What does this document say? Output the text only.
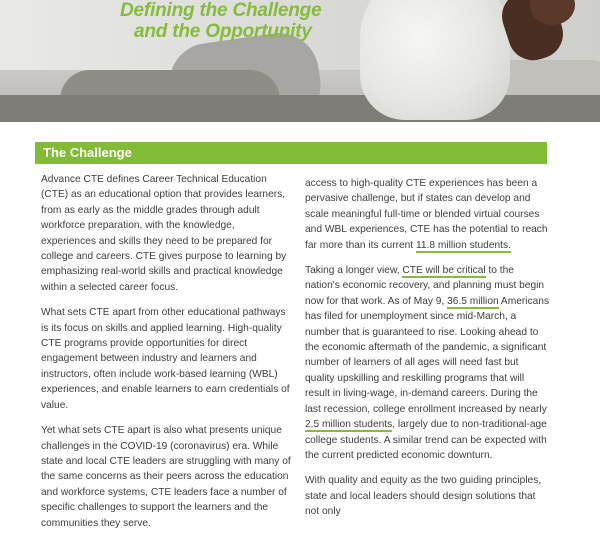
Defining the Challenge
and the Opportunity
The Challenge

Advance CTE defines Career Technical Education (CTE) as an educational option that provides learners, from as early as the middle grades through adult workforce preparation, with the knowledge, experiences and skills they need to be prepared for college and careers. CTE gives purpose to learning by emphasizing real-world skills and practical knowledge within a selected career focus.

What sets CTE apart from other educational pathways is its focus on skills and applied learning. High-quality CTE programs provide opportunities for direct engagement between industry and learners and instructors, often include work-based learning (WBL) experiences, and enable learners to earn credentials of value.

Yet what sets CTE apart is also what presents unique challenges in the COVID-19 (coronavirus) era. While state and local CTE leaders are struggling with many of the same concerns as their peers across the education and workforce systems, CTE leaders face a number of specific challenges to support the learners and the communities they serve.

access to high-quality CTE experiences has been a pervasive challenge, but if states can develop and scale meaningful full-time or blended virtual courses and WBL experiences, CTE has the potential to reach far more than its current 11.8 million students.

Taking a longer view, CTE will be critical to the nation's economic recovery, and planning must begin now for that work. As of May 9, 36.5 million Americans has filed for unemployment since mid-March, a number that is guaranteed to rise. Looking ahead to the economic aftermath of the pandemic, a significant number of learners of all ages will need fast but quality upskilling and reskilling programs that will result in living-wage, in-demand careers. During the last recession, college enrollment increased by nearly 2.5 million students, largely due to non-traditional-age college students. A similar trend can be expected with the current predicted economic downturn.

With quality and equity as the two guiding principles, state and local leaders should design solutions that not only
